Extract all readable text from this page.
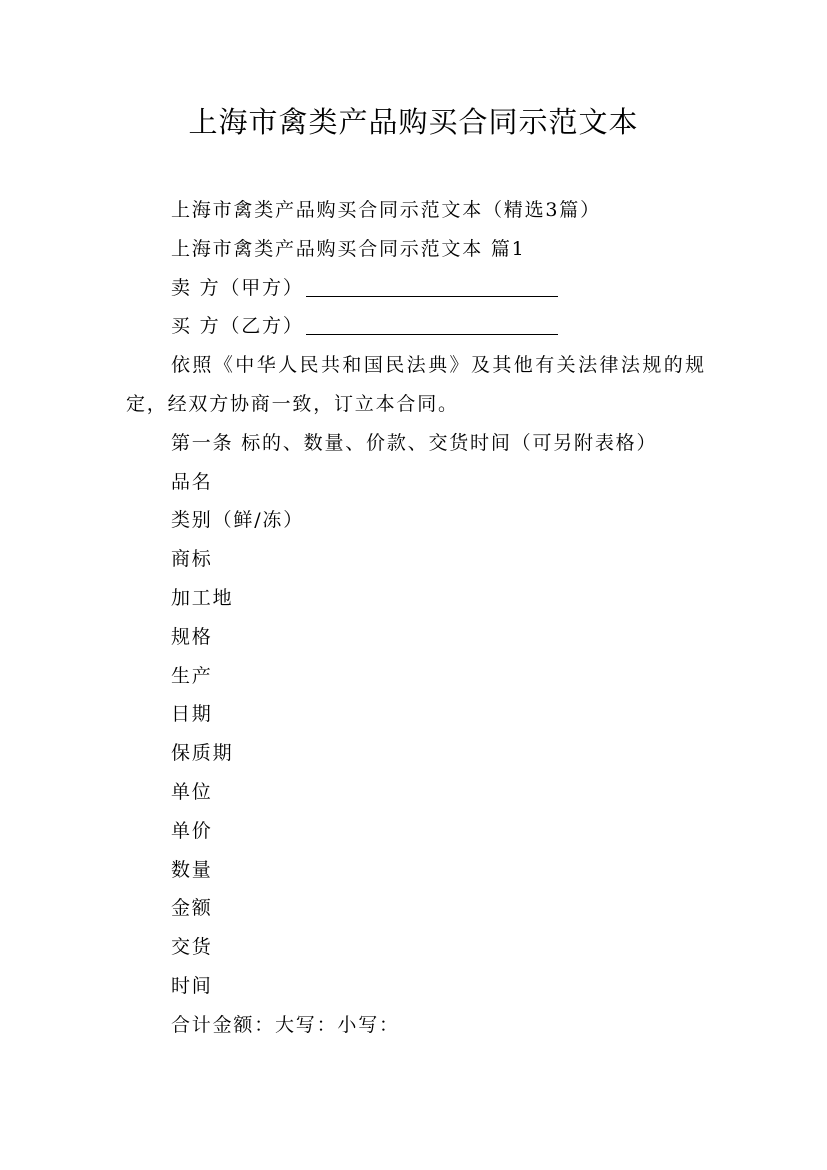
上海市禽类产品购买合同示范文本

上海市禽类产品购买合同示范文本（精选3篇）

上海市禽类产品购买合同示范文本 篇1

卖 方（甲方）

买 方（乙方）

依照《中华人民共和国民法典》及其他有关法律法规的规定，经双方协商一致，订立本合同。

第一条 标的、数量、价款、交货时间（可另附表格）

品名

类别（鲜/冻）

商标

加工地

规格

生产

日期

保质期

单位

单价

数量

金额

交货

时间

合计金额：大写：小写：
